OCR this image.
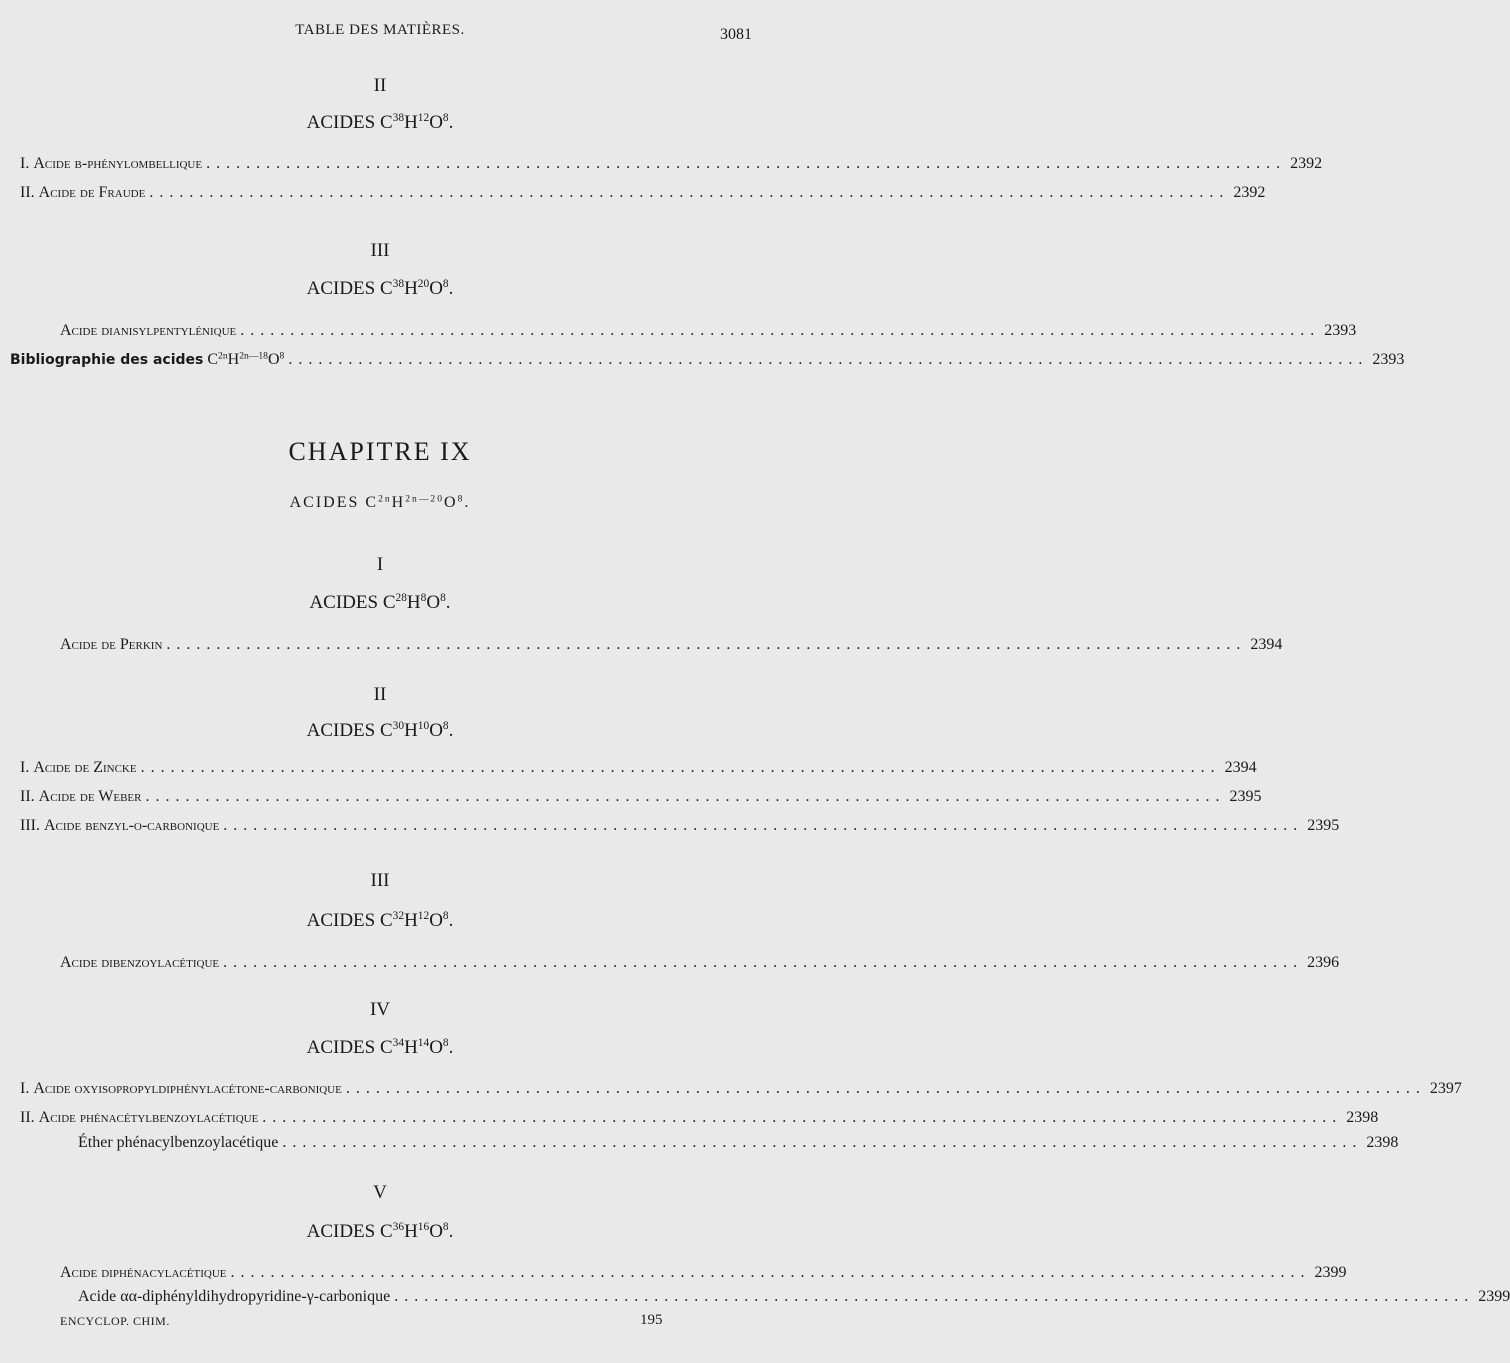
TABLE DES MATIÈRES.	3081
II
ACIDES $C^{38}H^{12}O^8$.
I.
Acide β-phénylombellique ............................................................................................................ 2392
II.
Acide de Fraude ............................................................................................................ 2392
III
ACIDES $C^{38}H^{20}O^8$.
Acide dianisylpentylénique ............................................................................................................ 2393
Bibliographie des acides
$C^{2n}H^{2n—18}O^8$ ............................................................................................................ 2393
CHAPITRE IX
ACIDES $C^{2n}H^{2n—20}O^8$.
I
ACIDES $C^{28}H^8O^8$.
Acide de Perkin ............................................................................................................ 2394
II
ACIDES $C^{30}H^{10}O^8$.
I.
Acide de Zincke ............................................................................................................ 2394
II.
Acide de Weber ............................................................................................................ 2395
III.
Acide benzyl-o-carbonique ............................................................................................................ 2395
III
ACIDES $C^{32}H^{12}O^8$.
Acide dibenzoylacétique ............................................................................................................ 2396
IV
ACIDES $C^{34}H^{14}O^8$.
I.
Acide oxyisopropyldiphénylacétone-carbonique ............................................................................................................ 2397
II.
Acide phénacétylbenzoylacétique ............................................................................................................ 2398
Éther phénacylbenzoylacétique ............................................................................................................ 2398
V
ACIDES $C^{36}H^{16}O^8$.
Acide diphénacylacétique ............................................................................................................ 2399
Acide αα-diphényldihydropyridine-γ-carbonique ............................................................................................................ 2399
ENCYCLOP. CHIM.	195
